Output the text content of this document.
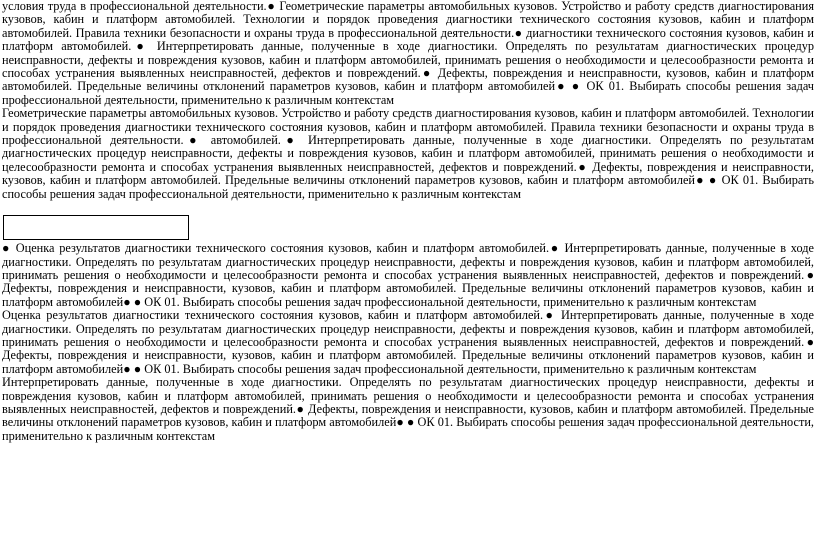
условия труда в профессиональной деятельности.● Геометрические параметры автомобильных кузовов. Устройство и работу средств диагностирования кузовов, кабин и платформ автомобилей. Технологии и порядок проведения диагностики технического состояния кузовов, кабин и платформ автомобилей. Правила техники безопасности и охраны труда в профессиональной деятельности.● диагностики технического состояния кузовов, кабин и платформ автомобилей.● Интерпретировать данные, полученные в ходе диагностики. Определять по результатам диагностических процедур неисправности, дефекты и повреждения кузовов, кабин и платформ автомобилей, принимать решения о необходимости и целесообразности ремонта и способах устранения выявленных неисправностей, дефектов и повреждений.● Дефекты, повреждения и неисправности, кузовов, кабин и платформ автомобилей. Предельные величины отклонений параметров кузовов, кабин и платформ автомобилей● ● ОК 01. Выбирать способы решения задач профессиональной деятельности, применительно к различным контекстам

Геометрические параметры автомобильных кузовов. Устройство и работу средств диагностирования кузовов, кабин и платформ автомобилей. Технологии и порядок проведения диагностики технического состояния кузовов, кабин и платформ автомобилей. Правила техники безопасности и охраны труда в профессиональной деятельности.● автомобилей.● Интерпретировать данные, полученные в ходе диагностики. Определять по результатам диагностических процедур неисправности, дефекты и повреждения кузовов, кабин и платформ автомобилей, принимать решения о необходимости и целесообразности ремонта и способах устранения выявленных неисправностей, дефектов и повреждений.● Дефекты, повреждения и неисправности, кузовов, кабин и платформ автомобилей. Предельные величины отклонений параметров кузовов, кабин и платформ автомобилей● ● ОК 01. Выбирать способы решения задач профессиональной деятельности, применительно к различным контекстам

● Оценка результатов диагностики технического состояния кузовов, кабин и платформ автомобилей.● Интерпретировать данные, полученные в ходе диагностики. Определять по результатам диагностических процедур неисправности, дефекты и повреждения кузовов, кабин и платформ автомобилей, принимать решения о необходимости и целесообразности ремонта и способах устранения выявленных неисправностей, дефектов и повреждений.● Дефекты, повреждения и неисправности, кузовов, кабин и платформ автомобилей. Предельные величины отклонений параметров кузовов, кабин и платформ автомобилей● ● ОК 01. Выбирать способы решения задач профессиональной деятельности, применительно к различным контекстам

Оценка результатов диагностики технического состояния кузовов, кабин и платформ автомобилей.● Интерпретировать данные, полученные в ходе диагностики. Определять по результатам диагностических процедур неисправности, дефекты и повреждения кузовов, кабин и платформ автомобилей, принимать решения о необходимости и целесообразности ремонта и способах устранения выявленных неисправностей, дефектов и повреждений.● Дефекты, повреждения и неисправности, кузовов, кабин и платформ автомобилей. Предельные величины отклонений параметров кузовов, кабин и платформ автомобилей● ● ОК 01. Выбирать способы решения задач профессиональной деятельности, применительно к различным контекстам

Интерпретировать данные, полученные в ходе диагностики. Определять по результатам диагностических процедур неисправности, дефекты и повреждения кузовов, кабин и платформ автомобилей, принимать решения о необходимости и целесообразности ремонта и способах устранения выявленных неисправностей, дефектов и повреждений.● Дефекты, повреждения и неисправности, кузовов, кабин и платформ автомобилей. Предельные величины отклонений параметров кузовов, кабин и платформ автомобилей● ● ОК 01. Выбирать способы решения задач профессиональной деятельности, применительно к различным контекстам
